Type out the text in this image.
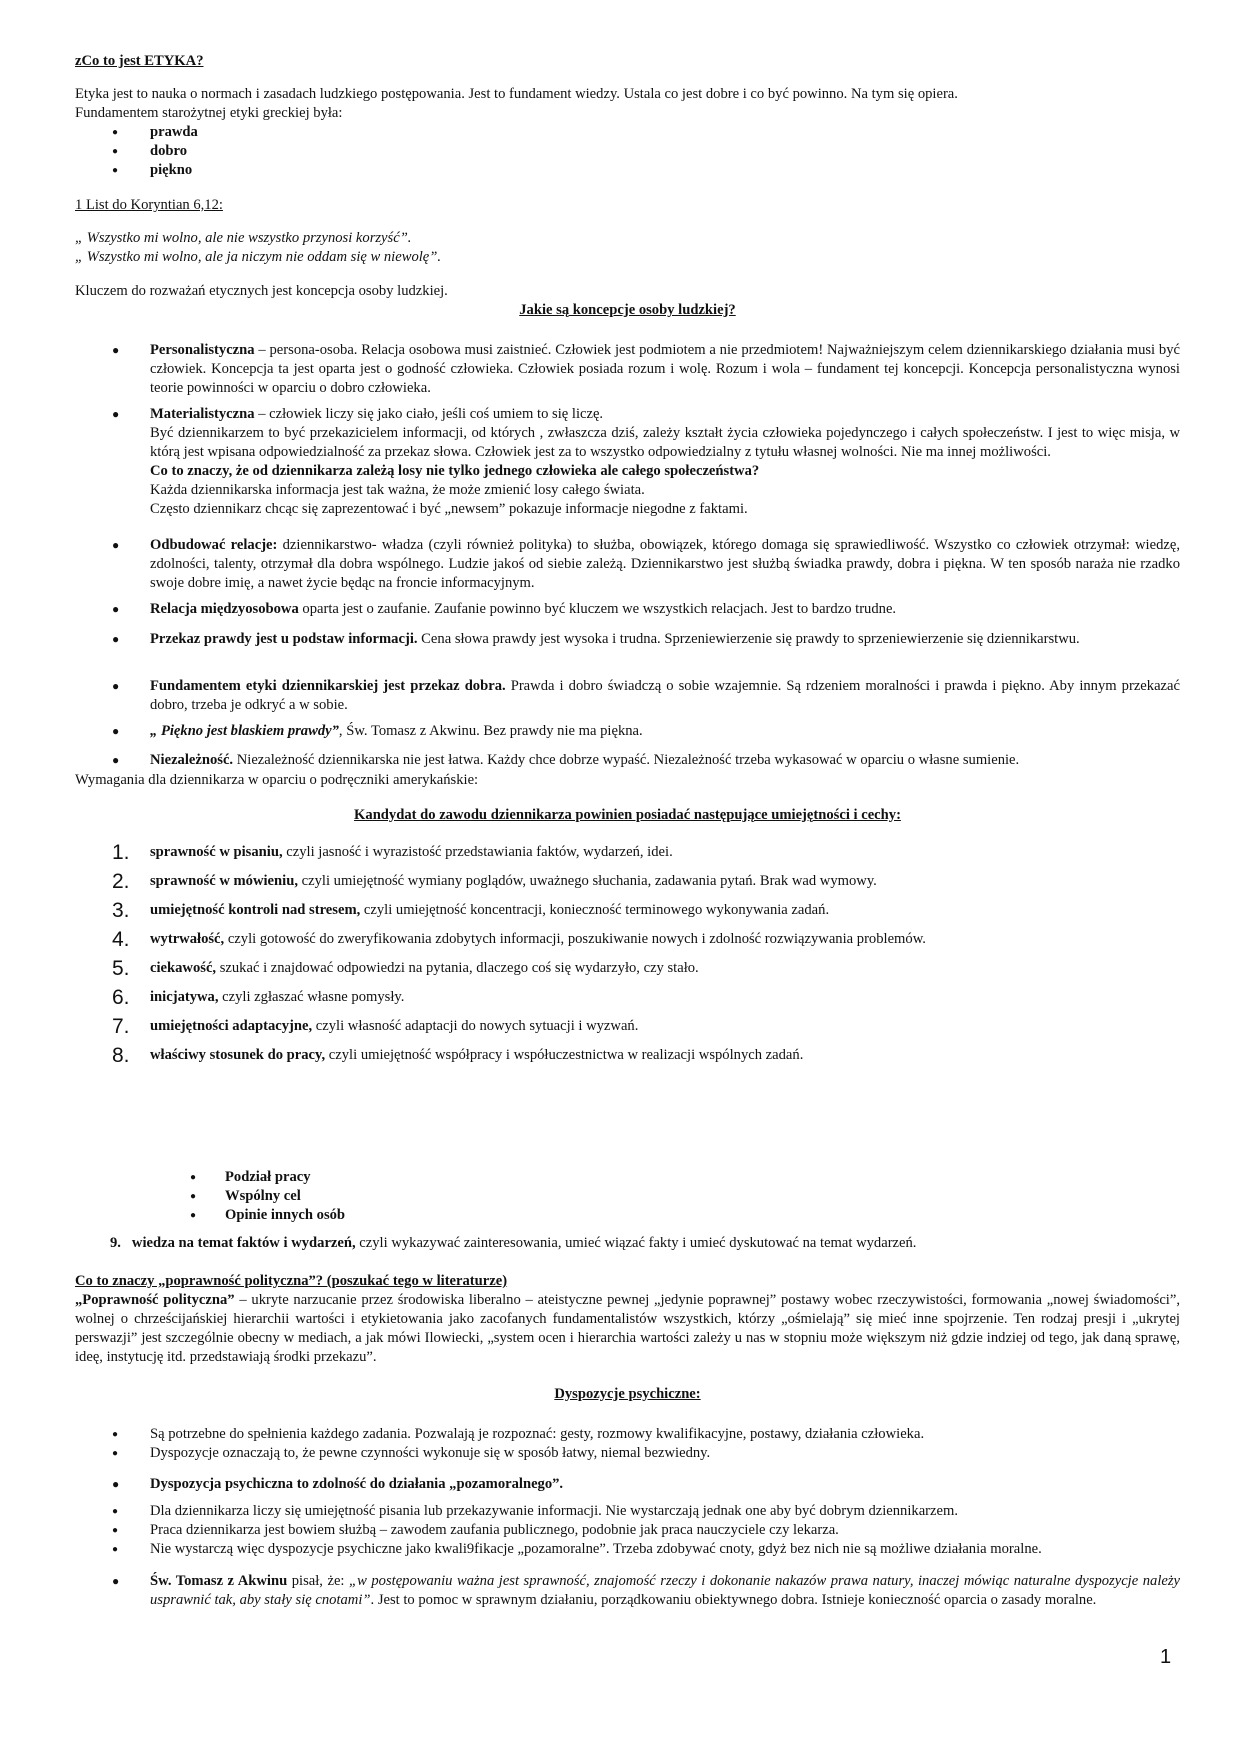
zCo to jest ETYKA?

Etyka jest to nauka o normach i zasadach ludzkiego postępowania. Jest to fundament wiedzy. Ustala co jest dobre i co być powinno. Na tym się opiera.

Fundamentem starożytnej etyki greckiej była:

● prawda
● dobro
● piękno

1 List do Koryntian 6,12:

„ Wszystko mi wolno, ale nie wszystko przynosi korzyść”.

„ Wszystko mi wolno, ale ja niczym nie oddam się w niewolę”.

Kluczem do rozważań etycznych jest koncepcja osoby ludzkiej.

Jakie są koncepcje osoby ludzkiej?

● Personalistyczna – persona-osoba. Relacja osobowa musi zaistnieć. Człowiek jest podmiotem a nie przedmiotem! Najważniejszym celem dziennikarskiego działania musi być człowiek. Koncepcja ta jest oparta jest o godność człowieka. Człowiek posiada rozum i wolę. Rozum i wola – fundament tej koncepcji. Koncepcja personalistyczna wynosi teorie powinności w oparciu o dobro człowieka.
● Materialistyczna – człowiek liczy się jako ciało, jeśli coś umiem to się liczę.
Być dziennikarzem to być przekazicielem informacji, od których , zwłaszcza dziś, zależy kształt życia człowieka pojedynczego i całych społeczeństw. I jest to więc misja, w którą jest wpisana odpowiedzialność za przekaz słowa. Człowiek jest za to wszystko odpowiedzialny z tytułu własnej wolności. Nie ma innej możliwości.
Co to znaczy, że od dziennikarza zależą losy nie tylko jednego człowieka ale całego społeczeństwa?
Każda dziennikarska informacja jest tak ważna, że może zmienić losy całego świata.
Często dziennikarz chcąc się zaprezentować i być „newsem” pokazuje informacje niegodne z faktami.
● Odbudować relacje: dziennikarstwo- władza (czyli również polityka) to służba, obowiązek, którego domaga się sprawiedliwość. Wszystko co człowiek otrzymał: wiedzę, zdolności, talenty, otrzymał dla dobra wspólnego. Ludzie jakoś od siebie zależą. Dziennikarstwo jest służbą świadka prawdy, dobra i piękna. W ten sposób naraża nie rzadko swoje dobre imię, a nawet życie będąc na froncie informacyjnym.
● Relacja międzyosobowa oparta jest o zaufanie. Zaufanie powinno być kluczem we wszystkich relacjach. Jest to bardzo trudne.
● Przekaz prawdy jest u podstaw informacji. Cena słowa prawdy jest wysoka i trudna. Sprzeniewierzenie się prawdy to sprzeniewierzenie się dziennikarstwu.
● Fundamentem etyki dziennikarskiej jest przekaz dobra. Prawda i dobro świadczą o sobie wzajemnie. Są rdzeniem moralności i prawda i piękno. Aby innym przekazać dobro, trzeba je odkryć a w sobie.
● „ Piękno jest blaskiem prawdy”, Św. Tomasz z Akwinu. Bez prawdy nie ma piękna.
● Niezależność. Niezależność dziennikarska nie jest łatwa. Każdy chce dobrze wypaść. Niezależność trzeba wykasować w oparciu o własne sumienie.

Wymagania dla dziennikarza w oparciu o podręczniki amerykańskie:

Kandydat do zawodu dziennikarza powinien posiadać następujące umiejętności i cechy:

1. sprawność w pisaniu, czyli jasność i wyrazistość przedstawiania faktów, wydarzeń, idei.
2. sprawność w mówieniu, czyli umiejętność wymiany poglądów, uważnego słuchania, zadawania pytań. Brak wad wymowy.
3. umiejętność kontroli nad stresem, czyli umiejętność koncentracji, konieczność terminowego wykonywania zadań.
4. wytrwałość, czyli gotowość do zweryfikowania zdobytych informacji, poszukiwanie nowych i zdolność rozwiązywania problemów.
5. ciekawość, szukać i znajdować odpowiedzi na pytania, dlaczego coś się wydarzyło, czy stało.
6. inicjatywa, czyli zgłaszać własne pomysły.
7. umiejętności adaptacyjne, czyli własność adaptacji do nowych sytuacji i wyzwań.
8. właściwy stosunek do pracy, czyli umiejętność współpracy i współuczestnictwa w realizacji wspólnych zadań.
● Podział pracy
● Wspólny cel
● Opinie innych osób

9. wiedza na temat faktów i wydarzeń, czyli wykazywać zainteresowania, umieć wiązać fakty i umieć dyskutować na temat wydarzeń.

Co to znaczy „poprawność polityczna”? (poszukać tego w literaturze)

„Poprawność polityczna” – ukryte narzucanie przez środowiska liberalno – ateistyczne pewnej „jedynie poprawnej” postawy wobec rzeczywistości, formowania „nowej świadomości”, wolnej o chrześcijańskiej hierarchii wartości i etykietowania jako zacofanych fundamentalistów wszystkich, którzy „ośmielają” się mieć inne spojrzenie. Ten rodzaj presji i „ukrytej perswazji” jest szczególnie obecny w mediach, a jak mówi Ilowiecki, „system ocen i hierarchia wartości zależy u nas w stopniu może większym niż gdzie indziej od tego, jak daną sprawę, ideę, instytucję itd. przedstawiają środki przekazu”.

Dyspozycje psychiczne:

● Są potrzebne do spełnienia każdego zadania. Pozwalają je rozpoznać: gesty, rozmowy kwalifikacyjne, postawy, działania człowieka.
● Dyspozycje oznaczają to, że pewne czynności wykonuje się w sposób łatwy, niemal bezwiedny.
● Dyspozycja psychiczna to zdolność do działania „pozamoralnego”.
● Dla dziennikarza liczy się umiejętność pisania lub przekazywanie informacji. Nie wystarczają jednak one aby być dobrym dziennikarzem.
● Praca dziennikarza jest bowiem służbą – zawodem zaufania publicznego, podobnie jak praca nauczyciele czy lekarza.
● Nie wystarczą więc dyspozycje psychiczne jako kwali9fikacje „pozamoralne”. Trzeba zdobywać cnoty, gdyż bez nich nie są możliwe działania moralne.
● Św. Tomasz z Akwinu pisał, że: „w postępowaniu ważna jest sprawność, znajomość rzeczy i dokonanie nakazów prawa natury, inaczej mówiąc naturalne dyspozycje należy usprawnić tak, aby stały się cnotami”. Jest to pomoc w sprawnym działaniu, porządkowaniu obiektywnego dobra. Istnieje konieczność oparcia o zasady moralne.
1
